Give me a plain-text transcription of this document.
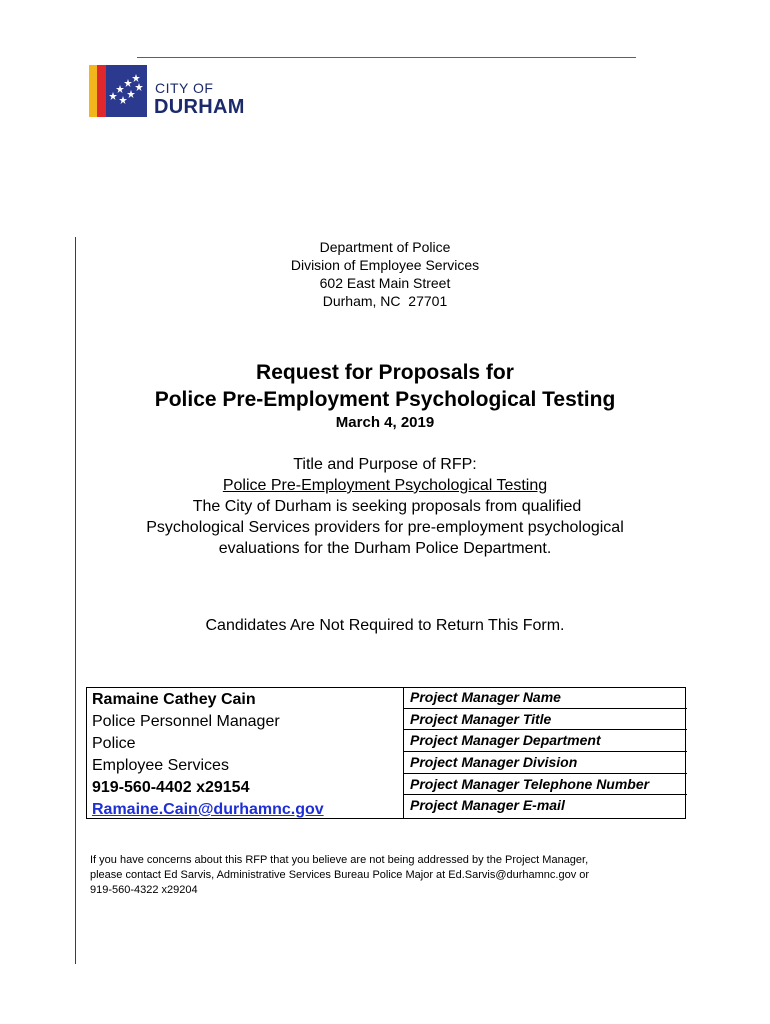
CITY OF
DURHAM
Department of Police
Division of Employee Services
602 East Main Street
Durham, NC  27701
Request for Proposals for
Police Pre-Employment Psychological Testing
March 4, 2019
Title and Purpose of RFP:
Police Pre-Employment Psychological Testing
The City of Durham is seeking proposals from qualified
Psychological Services providers for pre-employment psychological
evaluations for the Durham Police Department.
Candidates Are Not Required to Return This Form.
Ramaine Cathey Cain
Police Personnel Manager
Police
Employee Services
919-560-4402 x29154
Ramaine.Cain@durhamnc.gov
Project Manager Name
Project Manager Title
Project Manager Department
Project Manager Division
Project Manager Telephone Number
Project Manager E-mail
If you have concerns about this RFP that you believe are not being addressed by the Project Manager,
please contact Ed Sarvis, Administrative Services Bureau Police Major at Ed.Sarvis@durhamnc.gov or
919-560-4322 x29204
